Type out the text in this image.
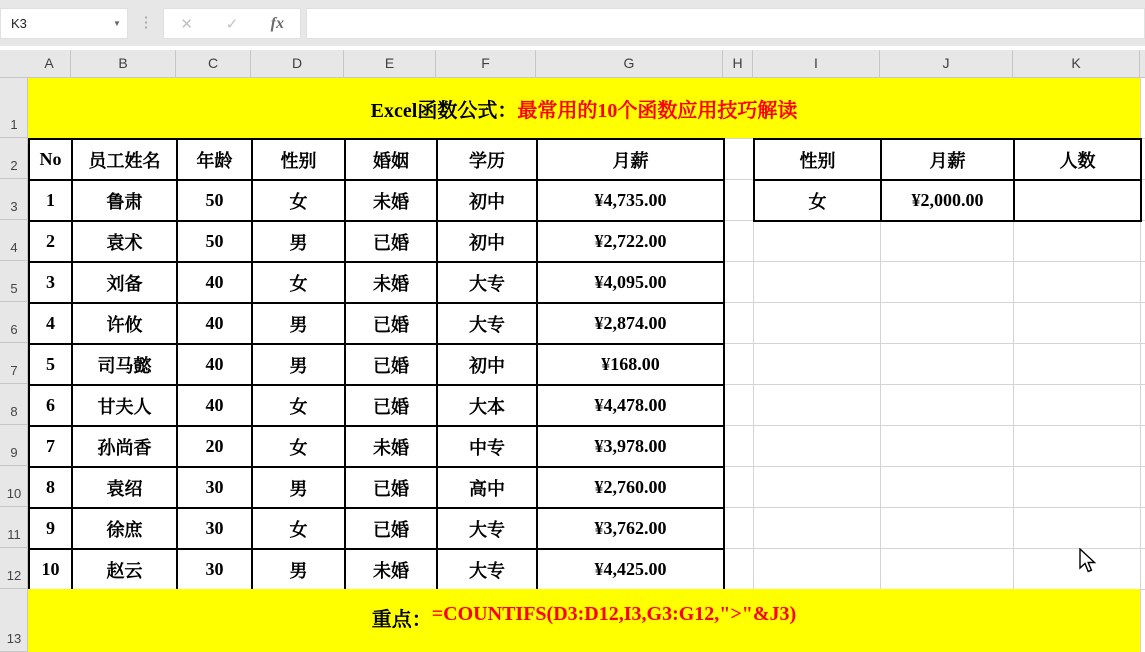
K3	▼	⋮	✕	✓	fx
A	B	C	D	E	F	G	H	I	J	K
1
2
3
4
5
6
7
8
9
10
11
12
13
Excel函数公式： 最常用的10个函数应用技巧解读
No	员工姓名	年龄	性别	婚姻	学历	月薪
1	鲁肃	50	女	未婚	初中	¥4,735.00
2	袁术	50	男	已婚	初中	¥2,722.00
3	刘备	40	女	未婚	大专	¥4,095.00
4	许攸	40	男	已婚	大专	¥2,874.00
5	司马懿	40	男	已婚	初中	¥168.00
6	甘夫人	40	女	已婚	大本	¥4,478.00
7	孙尚香	20	女	未婚	中专	¥3,978.00
8	袁绍	30	男	已婚	高中	¥2,760.00
9	徐庶	30	女	已婚	大专	¥3,762.00
10	赵云	30	男	未婚	大专	¥4,425.00
性别	月薪	人数
女	¥2,000.00	
重点： =COUNTIFS(D3:D12,I3,G3:G12,">"&J3)
